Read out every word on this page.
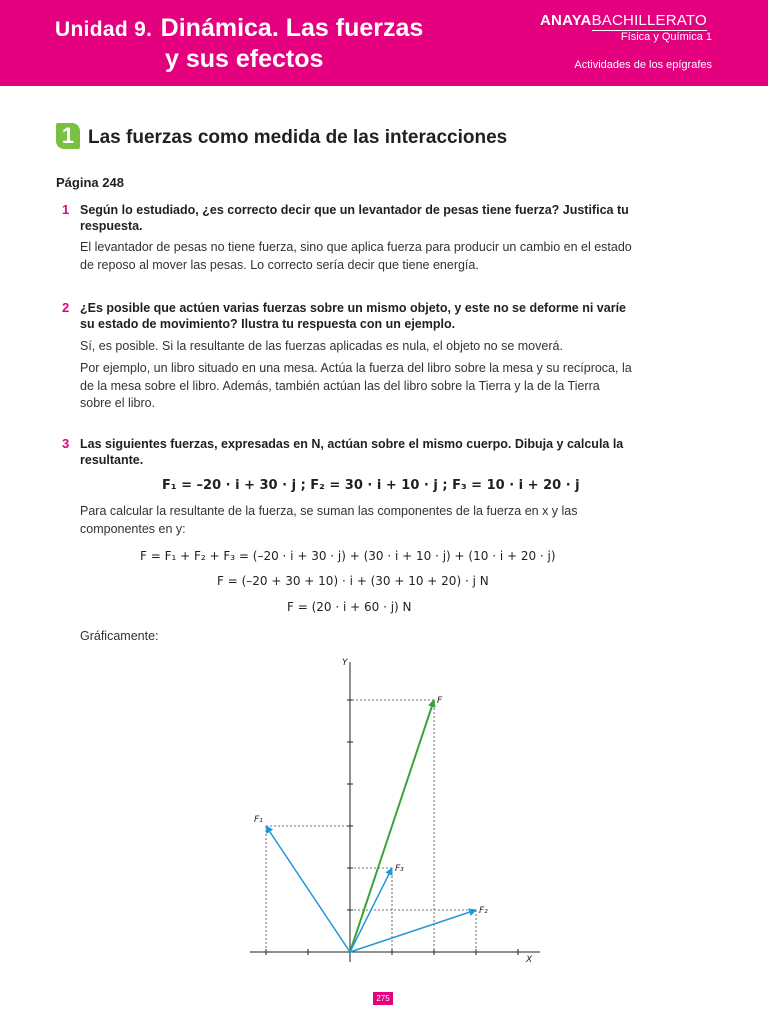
Unidad 9. Dinámica. Las fuerzas
y sus efectos
ANAYABACHILLERATO
Física y Química 1
Actividades de los epígrafes
1 Las fuerzas como medida de las interacciones
Página 248
1 Según lo estudiado, ¿es correcto decir que un levantador de pesas tiene fuerza? Justifica tu respuesta.
El levantador de pesas no tiene fuerza, sino que aplica fuerza para producir un cambio en el estado de reposo al mover las pesas. Lo correcto sería decir que tiene energía.
2 ¿Es posible que actúen varias fuerzas sobre un mismo objeto, y este no se deforme ni varíe su estado de movimiento? Ilustra tu respuesta con un ejemplo.
Sí, es posible. Si la resultante de las fuerzas aplicadas es nula, el objeto no se moverá.
Por ejemplo, un libro situado en una mesa. Actúa la fuerza del libro sobre la mesa y su recíproca, la de la mesa sobre el libro. Además, también actúan las del libro sobre la Tierra y la de la Tierra sobre el libro.
3 Las siguientes fuerzas, expresadas en N, actúan sobre el mismo cuerpo. Dibuja y calcula la resultante.
F₁ = –20 · i + 30 · j ; F₂ = 30 · i + 10 · j ; F₃ = 10 · i + 20 · j
Para calcular la resultante de la fuerza, se suman las componentes de la fuerza en x y las componentes en y:
F = F₁ + F₂ + F₃ = (–20 · i + 30 · j) + (30 · i + 10 · j) + (10 · i + 20 · j)
F = (–20 + 30 + 10) · i + (30 + 10 + 20) · j N
F = (20 · i + 60 · j) N
Gráficamente:
X
Y
F
F₁
F₂
F₃
275
